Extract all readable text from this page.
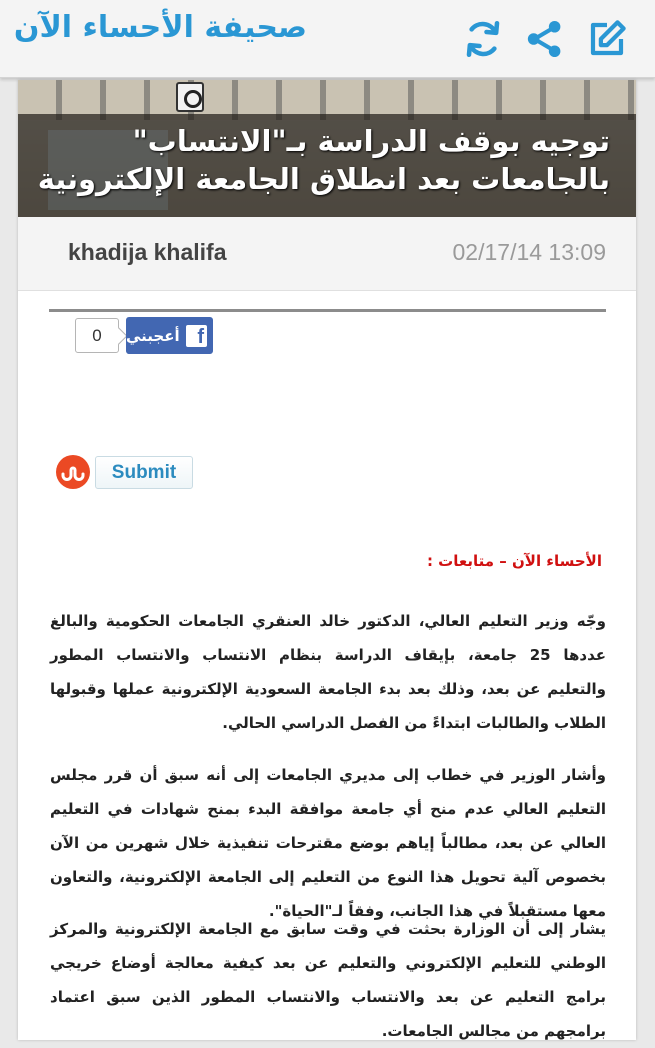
صحيفة الأحساء الآن
توجيه بوقف الدراسة بـ"الانتساب" بالجامعات بعد انطلاق الجامعة الإلكترونية
khadija khalifa	02/17/14 13:09
0	أعجبني f
Submit
الأحساء الآن – متابعات :

وجّه وزير التعليم العالي، الدكتور خالد العنقري الجامعات الحكومية والبالغ عددها 25 جامعة، بإيقاف الدراسة بنظام الانتساب والانتساب المطور والتعليم عن بعد، وذلك بعد بدء الجامعة السعودية الإلكترونية عملها وقبولها الطلاب والطالبات ابتداءً من الفصل الدراسي الحالي.

وأشار الوزير في خطاب إلى مديري الجامعات إلى أنه سبق أن قرر مجلس التعليم العالي عدم منح أي جامعة موافقة البدء بمنح شهادات في التعليم العالي عن بعد، مطالباً إياهم بوضع مقترحات تنفيذية خلال شهرين من الآن بخصوص آلية تحويل هذا النوع من التعليم إلى الجامعة الإلكترونية، والتعاون معها مستقبلاً في هذا الجانب، وفقاً لـ"الحياة".

يشار إلى أن الوزارة بحثت في وقت سابق مع الجامعة الإلكترونية والمركز الوطني للتعليم الإلكتروني والتعليم عن بعد كيفية معالجة أوضاع خريجي برامج التعليم عن بعد والانتساب والانتساب المطور الذين سبق اعتماد برامجهم من مجالس الجامعات.
